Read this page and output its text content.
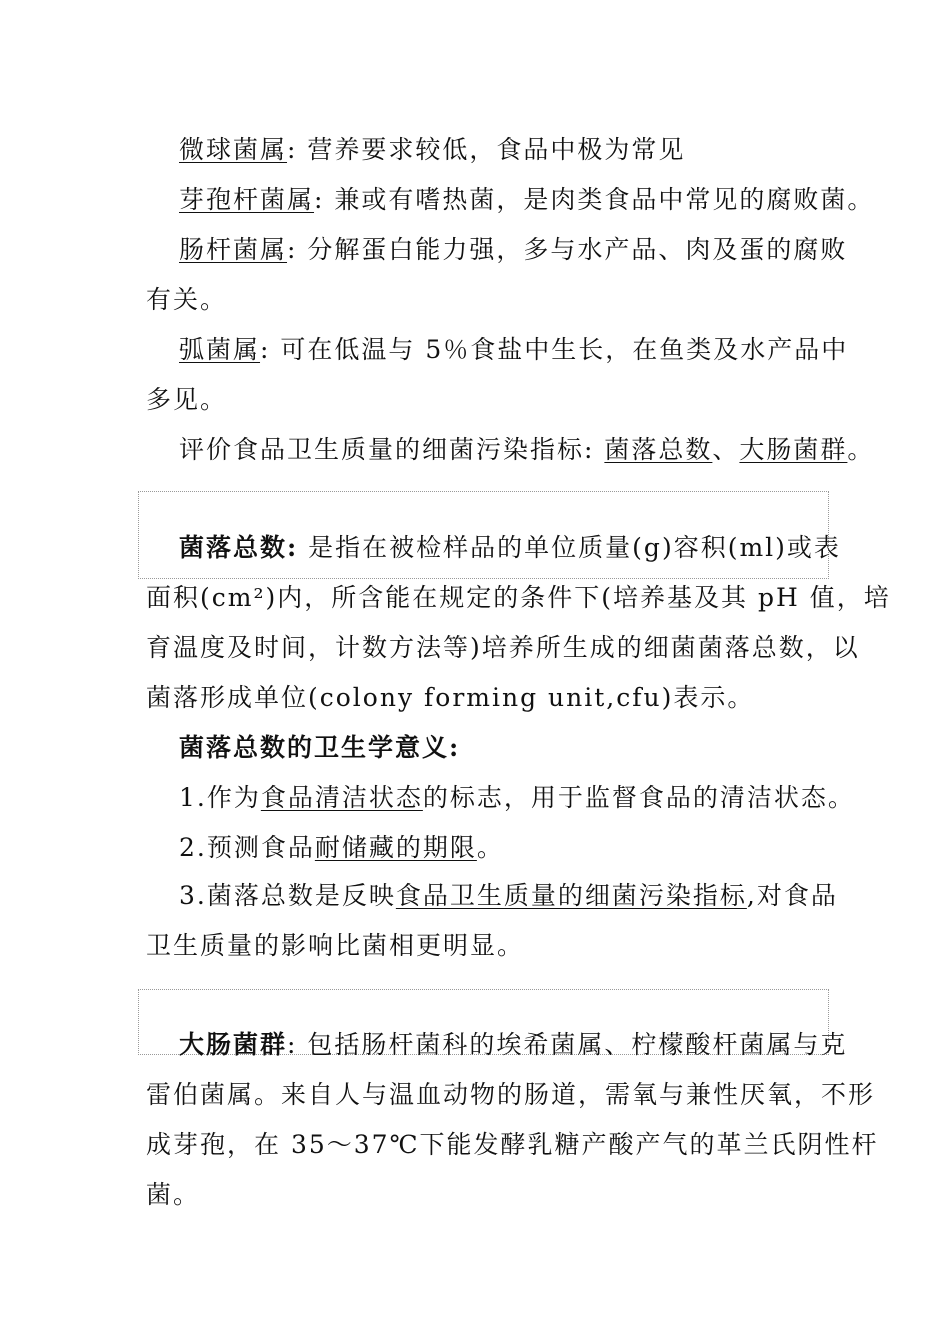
微球菌属: 营养要求较低，食品中极为常见
芽孢杆菌属: 兼或有嗜热菌，是肉类食品中常见的腐败菌。
肠杆菌属: 分解蛋白能力强，多与水产品、肉及蛋的腐败
有关。
弧菌属: 可在低温与 5％食盐中生长，在鱼类及水产品中
多见。
评价食品卫生质量的细菌污染指标: 菌落总数、大肠菌群。
菌落总数: 是指在被检样品的单位质量(g)容积(ml)或表
面积(cm²)内，所含能在规定的条件下(培养基及其 pH 值，培
育温度及时间，计数方法等)培养所生成的细菌菌落总数，以
菌落形成单位(colony forming unit,cfu)表示。
菌落总数的卫生学意义:
1.作为食品清洁状态的标志，用于监督食品的清洁状态。
2.预测食品耐储藏的期限。
3.菌落总数是反映食品卫生质量的细菌污染指标,对食品
卫生质量的影响比菌相更明显。
大肠菌群: 包括肠杆菌科的埃希菌属、柠檬酸杆菌属与克
雷伯菌属。来自人与温血动物的肠道，需氧与兼性厌氧，不形
成芽孢，在 35～37℃下能发酵乳糖产酸产气的革兰氏阴性杆
菌。
